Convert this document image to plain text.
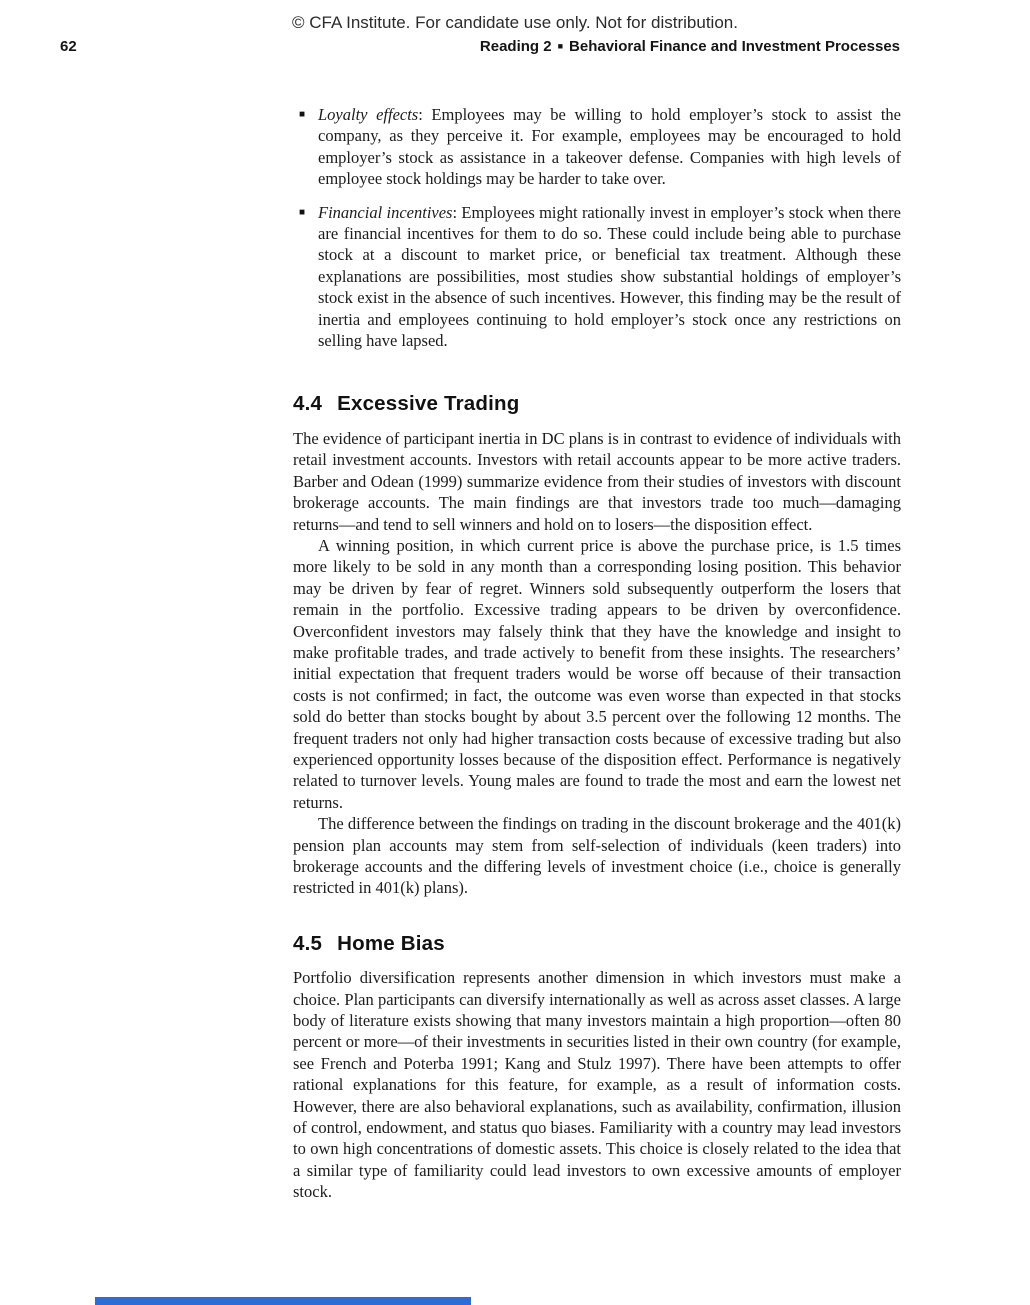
© CFA Institute. For candidate use only. Not for distribution.
62	Reading 2 ■ Behavioral Finance and Investment Processes
■ Loyalty effects: Employees may be willing to hold employer’s stock to assist the company, as they perceive it. For example, employees may be encouraged to hold employer’s stock as assistance in a takeover defense. Companies with high levels of employee stock holdings may be harder to take over.
■ Financial incentives: Employees might rationally invest in employer’s stock when there are financial incentives for them to do so. These could include being able to purchase stock at a discount to market price, or beneficial tax treatment. Although these explanations are possibilities, most studies show substantial holdings of employer’s stock exist in the absence of such incentives. However, this finding may be the result of inertia and employees continuing to hold employer’s stock once any restrictions on selling have lapsed.
4.4 Excessive Trading

The evidence of participant inertia in DC plans is in contrast to evidence of individuals with retail investment accounts. Investors with retail accounts appear to be more active traders. Barber and Odean (1999) summarize evidence from their studies of investors with discount brokerage accounts. The main findings are that investors trade too much—damaging returns—and tend to sell winners and hold on to losers—the disposition effect.

A winning position, in which current price is above the purchase price, is 1.5 times more likely to be sold in any month than a corresponding losing position. This behavior may be driven by fear of regret. Winners sold subsequently outperform the losers that remain in the portfolio. Excessive trading appears to be driven by overconfidence. Overconfident investors may falsely think that they have the knowledge and insight to make profitable trades, and trade actively to benefit from these insights. The researchers’ initial expectation that frequent traders would be worse off because of their transaction costs is not confirmed; in fact, the outcome was even worse than expected in that stocks sold do better than stocks bought by about 3.5 percent over the following 12 months. The frequent traders not only had higher transaction costs because of excessive trading but also experienced opportunity losses because of the disposition effect. Performance is negatively related to turnover levels. Young males are found to trade the most and earn the lowest net returns.

The difference between the findings on trading in the discount brokerage and the 401(k) pension plan accounts may stem from self-selection of individuals (keen traders) into brokerage accounts and the differing levels of investment choice (i.e., choice is generally restricted in 401(k) plans).

4.5 Home Bias

Portfolio diversification represents another dimension in which investors must make a choice. Plan participants can diversify internationally as well as across asset classes. A large body of literature exists showing that many investors maintain a high proportion—often 80 percent or more—of their investments in securities listed in their own country (for example, see French and Poterba 1991; Kang and Stulz 1997). There have been attempts to offer rational explanations for this feature, for example, as a result of information costs. However, there are also behavioral explanations, such as availability, confirmation, illusion of control, endowment, and status quo biases. Familiarity with a country may lead investors to own high concentrations of domestic assets. This choice is closely related to the idea that a similar type of familiarity could lead investors to own excessive amounts of employer stock.
